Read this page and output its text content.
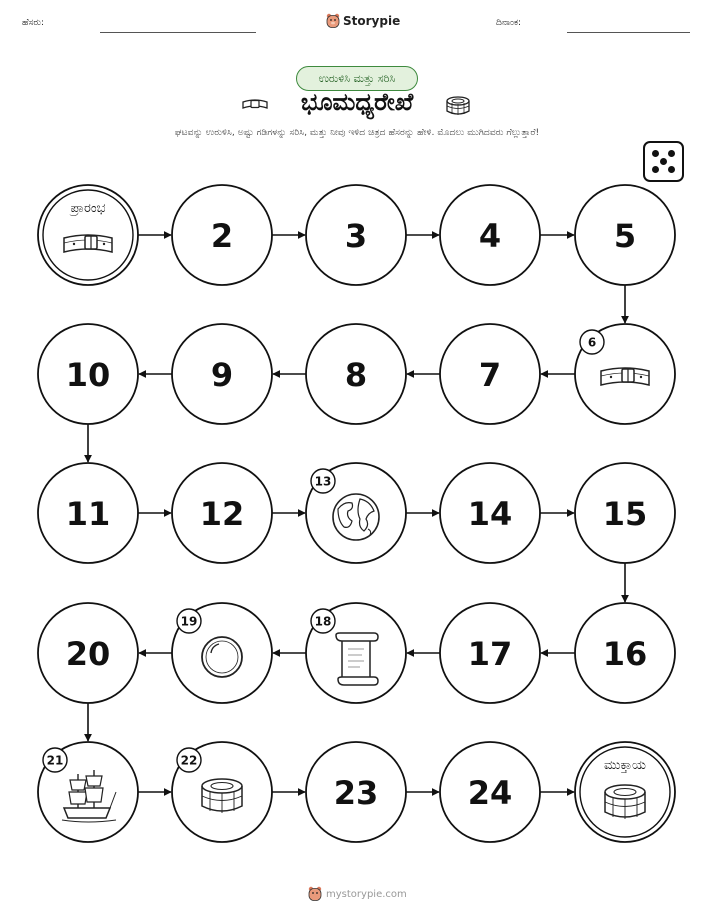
ಹೆಸರು:	Storypie	ದಿನಾಂಕ:
ಉರುಳಿಸಿ ಮತ್ತು ಸರಿಸಿ
ಭೂಮಧ್ಯರೇಖೆ
ಘಟವನ್ನು ಉರುಳಿಸಿ, ಅಷ್ಟು ಗಡಿಗಳನ್ನು ಸರಿಸಿ, ಮತ್ತು ನೀವು ಇಳಿದ ಚಿತ್ರದ ಹೆಸರನ್ನು ಹೇಳಿ. ಮೊದಲು ಮುಗಿದವರು ಗೆಲ್ಲುತ್ತಾರೆ!
ಪ್ರಾರಂಭ
2	3	4	5
6
7
8
9
10
11	12
13
14	15
16
17
18
19
20
21	22
23	24
ಮುಕ್ತಾಯ
mystorypie.com
